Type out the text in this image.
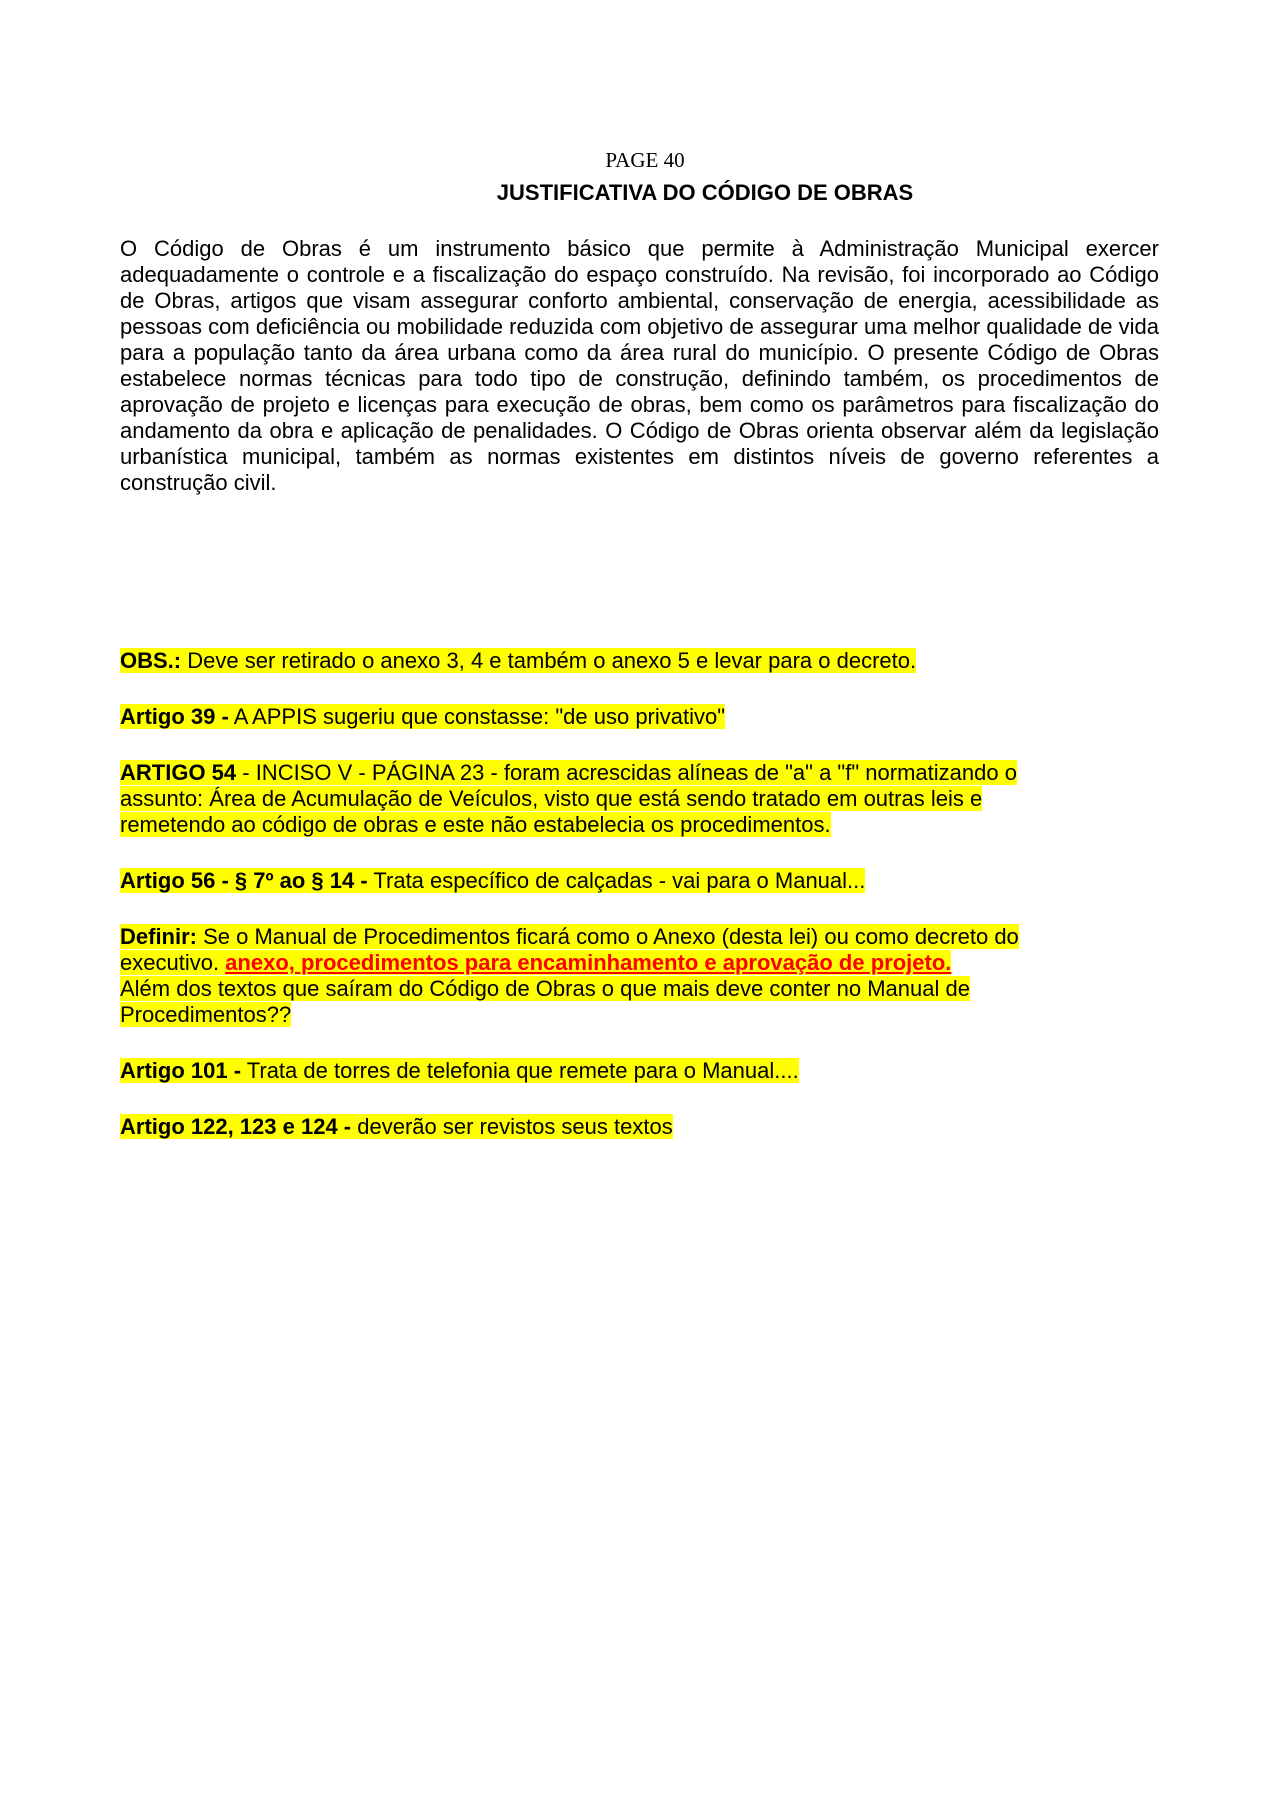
PAGE 40
JUSTIFICATIVA DO CÓDIGO DE OBRAS

O Código de Obras é um instrumento básico que permite à Administração Municipal exercer adequadamente o controle e a fiscalização do espaço construído. Na revisão, foi incorporado ao Código de Obras, artigos que visam assegurar conforto ambiental, conservação de energia, acessibilidade as pessoas com deficiência ou mobilidade reduzida com objetivo de assegurar uma melhor qualidade de vida para a população tanto da área urbana como da área rural do município. O presente Código de Obras estabelece normas técnicas para todo tipo de construção, definindo também, os procedimentos de aprovação de projeto e licenças para execução de obras, bem como os parâmetros para fiscalização do andamento da obra e aplicação de penalidades. O Código de Obras orienta observar além da legislação urbanística municipal, também as normas existentes em distintos níveis de governo referentes a construção civil.

OBS.: Deve ser retirado o anexo 3, 4 e também o anexo 5 e levar para o decreto.

Artigo 39 - A APPIS sugeriu que constasse: "de uso privativo"

ARTIGO 54 - INCISO V - PÁGINA 23 - foram acrescidas alíneas de "a" a "f" normatizando o
assunto: Área de Acumulação de Veículos, visto que está sendo tratado em outras leis e
remetendo ao código de obras e este não estabelecia os procedimentos.

Artigo 56 - § 7º ao § 14 - Trata específico de calçadas - vai para o Manual...

Definir: Se o Manual de Procedimentos ficará como o Anexo (desta lei) ou como decreto do
executivo. anexo, procedimentos para encaminhamento e aprovação de projeto.
Além dos textos que saíram do Código de Obras o que mais deve conter no Manual de
Procedimentos??

Artigo 101 - Trata de torres de telefonia que remete para o Manual....

Artigo 122, 123 e 124 - deverão ser revistos seus textos
